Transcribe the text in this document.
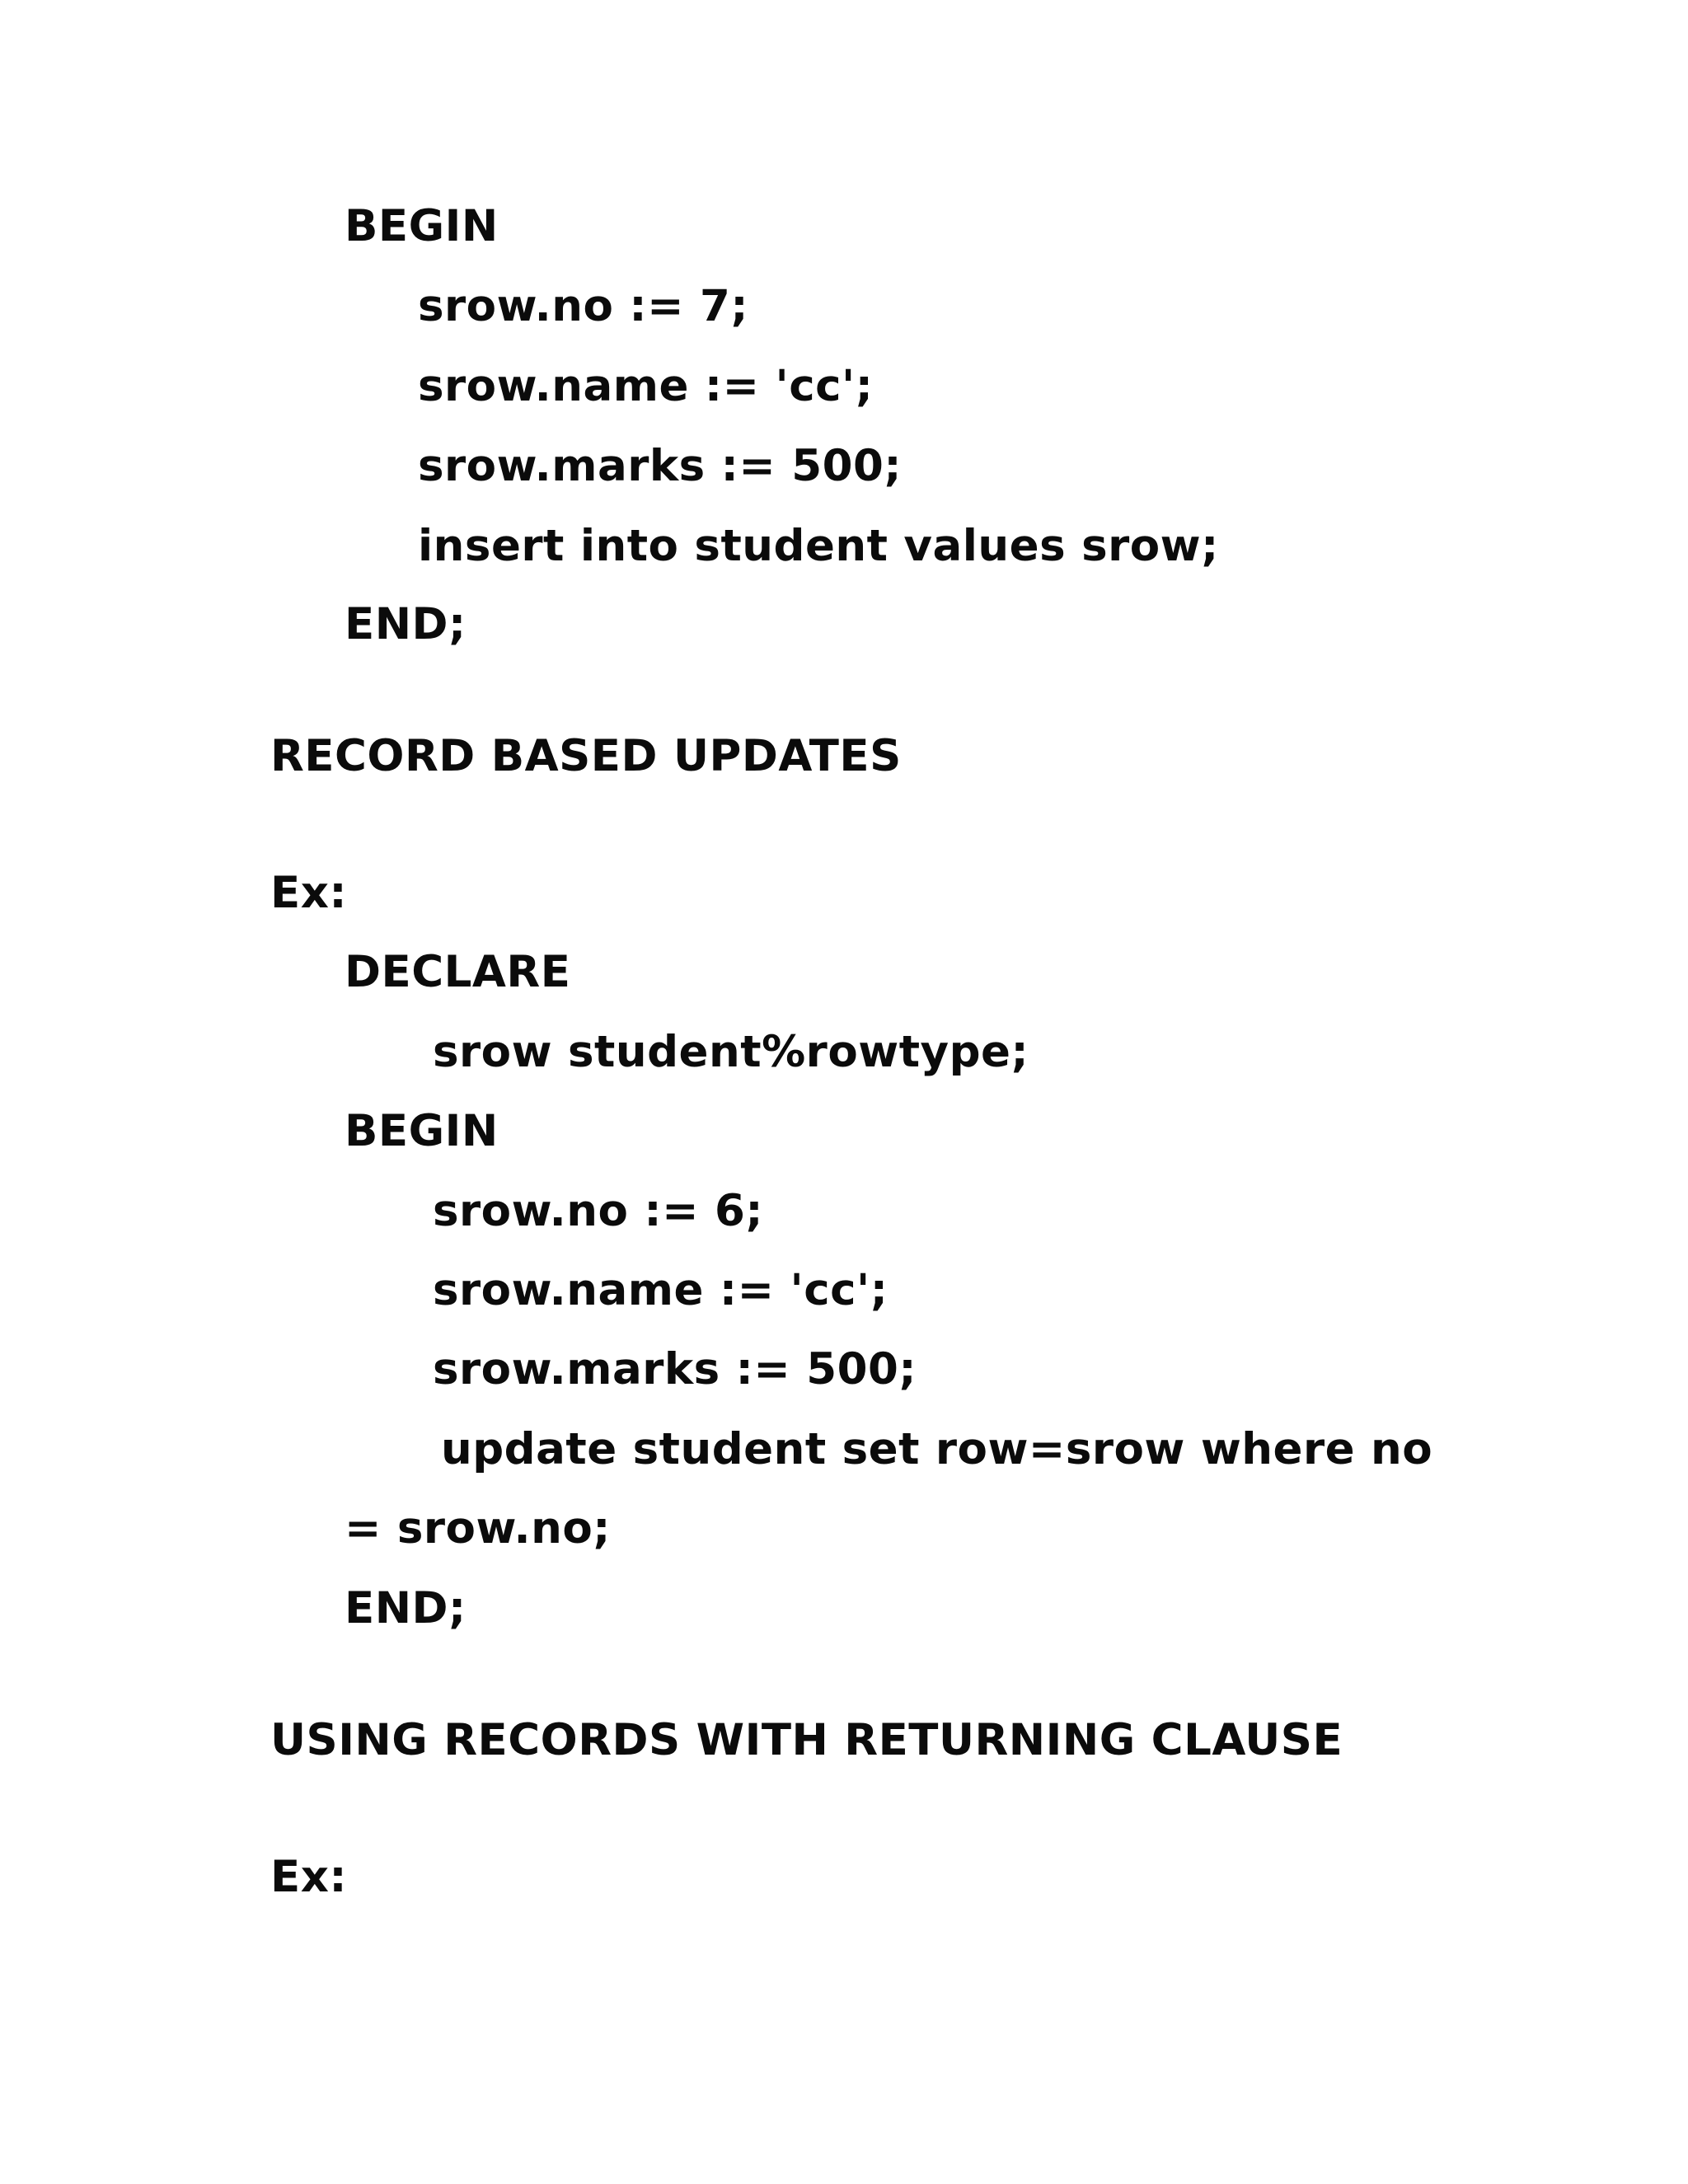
BEGIN
srow.no := 7;
srow.name := 'cc';
srow.marks := 500;
insert into student values srow;
END;
RECORD BASED UPDATES
Ex:
DECLARE
srow student%rowtype;
BEGIN
srow.no := 6;
srow.name := 'cc';
srow.marks := 500;
update student set row=srow where no
= srow.no;
END;
USING RECORDS WITH RETURNING CLAUSE
Ex:
